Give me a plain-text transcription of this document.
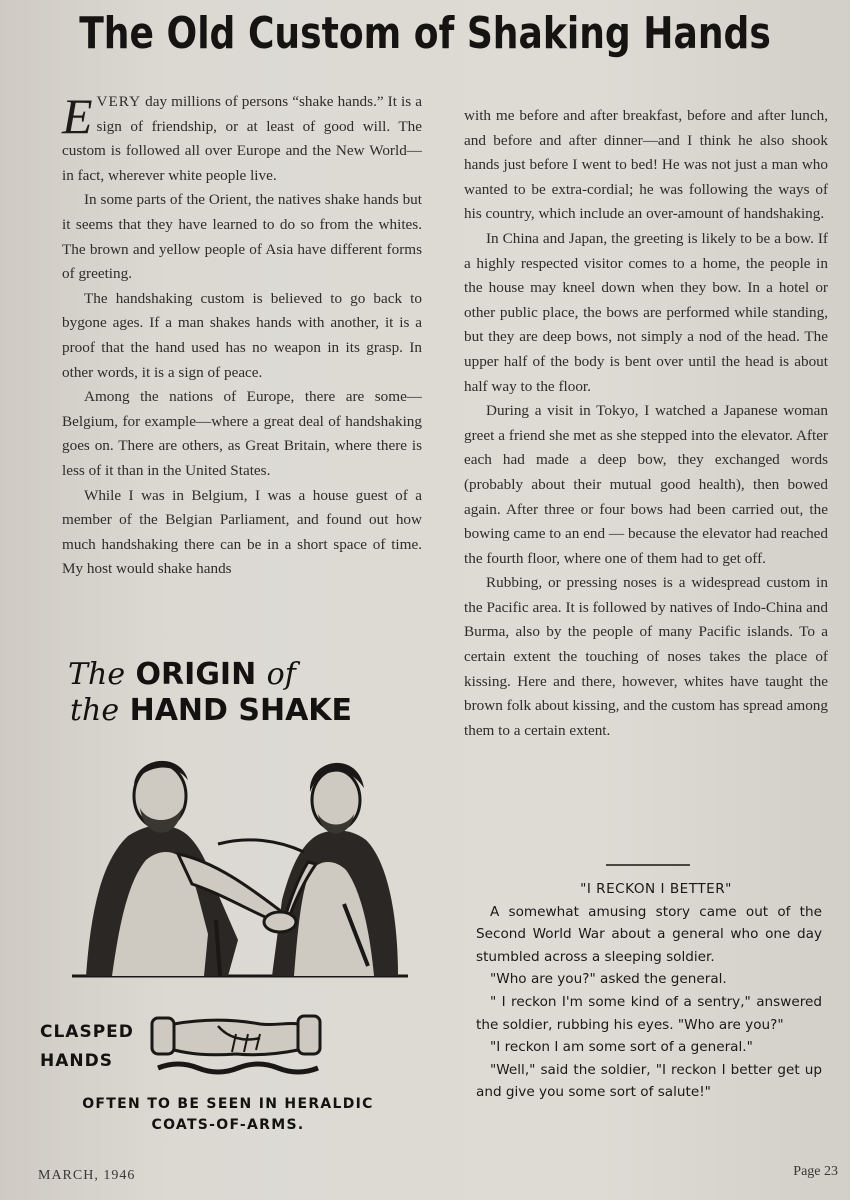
The Old Custom of Shaking Hands

EVERY day millions of persons “shake hands.” It is a sign of friendship, or at least of good will. The custom is followed all over Europe and the New World—in fact, wherever white people live.

In some parts of the Orient, the natives shake hands but it seems that they have learned to do so from the whites. The brown and yellow people of Asia have different forms of greeting.

The handshaking custom is believed to go back to bygone ages. If a man shakes hands with another, it is a proof that the hand used has no weapon in its grasp. In other words, it is a sign of peace.

Among the nations of Europe, there are some—Belgium, for example—where a great deal of handshaking goes on. There are others, as Great Britain, where there is less of it than in the United States.

While I was in Belgium, I was a house guest of a member of the Belgian Parliament, and found out how much handshaking there can be in a short space of time. My host would shake hands

with me before and after breakfast, before and after lunch, and before and after dinner—and I think he also shook hands just before I went to bed! He was not just a man who wanted to be extra-cordial; he was following the ways of his country, which include an over-amount of handshaking.

In China and Japan, the greeting is likely to be a bow. If a highly respected visitor comes to a home, the people in the house may kneel down when they bow. In a hotel or other public place, the bows are performed while standing, but they are deep bows, not simply a nod of the head. The upper half of the body is bent over until the head is about half way to the floor.

During a visit in Tokyo, I watched a Japanese woman greet a friend she met as she stepped into the elevator. After each had made a deep bow, they exchanged words (probably about their mutual good health), then bowed again. After three or four bows had been carried out, the bowing came to an end — because the elevator had reached the fourth floor, where one of them had to get off.

Rubbing, or pressing noses is a widespread custom in the Pacific area. It is followed by natives of Indo-China and Burma, also by the people of many Pacific islands. To a certain extent the touching of noses takes the place of kissing. Here and there, however, whites have taught the brown folk about kissing, and the custom has spread among them to a certain extent.

"I RECKON I BETTER"

A somewhat amusing story came out of the Second World War about a general who one day stumbled across a sleeping soldier.

"Who are you?" asked the general.

" I reckon I'm some kind of a sentry," answered the soldier, rubbing his eyes. "Who are you?"

"I reckon I am some sort of a general."

"Well," said the soldier, "I reckon I better get up and give you some sort of salute!"

The ORIGIN of
the HAND SHAKE
CLASPED
HANDS
OFTEN TO BE SEEN IN HERALDIC
COATS-OF-ARMS.
MARCH, 1946	Page 23
